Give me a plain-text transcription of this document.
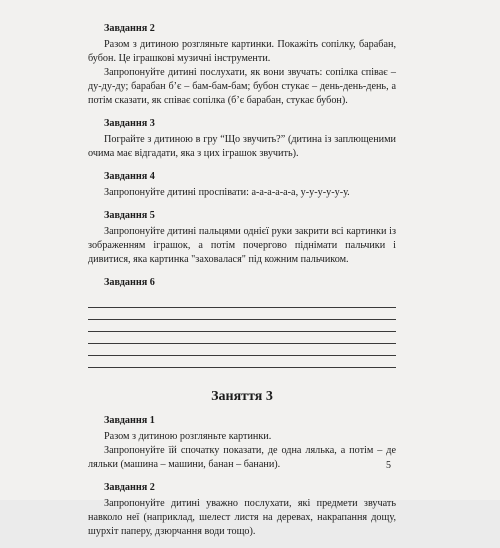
Завдання 2

Разом з дитиною розгляньте картинки. Покажіть сопілку, барабан, бубон. Це іграшкові музичні інструменти.

Запропонуйте дитині послухати, як вони звучать: сопілка співає – ду-ду-ду; барабан б’є – бам-бам-бам; бубон стукає – день-день-день, а потім сказати, як співає сопілка (б’є барабан, стукає бубон).

Завдання 3

Пограйте з дитиною в гру “Що звучить?” (дитина із заплющеними очима має відгадати, яка з цих іграшок звучить).

Завдання 4

Запропонуйте дитині проспівати: а-а-а-а-а-а, у-у-у-у-у-у.

Завдання 5

Запропонуйте дитині пальцями однієї руки закрити всі картинки із зображенням іграшок, а потім почергово піднімати пальчики і дивитися, яка картинка "заховалася" під кожним пальчиком.

Завдання 6
Заняття 3
Завдання 1

Разом з дитиною розгляньте картинки.

Запропонуйте їй спочатку показати, де одна лялька, а потім – де ляльки (машина – машини, банан – банани).

Завдання 2

Запропонуйте дитині уважно послухати, які предмети звучать навколо неї (наприклад, шелест листя на деревах, накрапання дощу, шурхіт паперу, дзюрчання води тощо).

5
